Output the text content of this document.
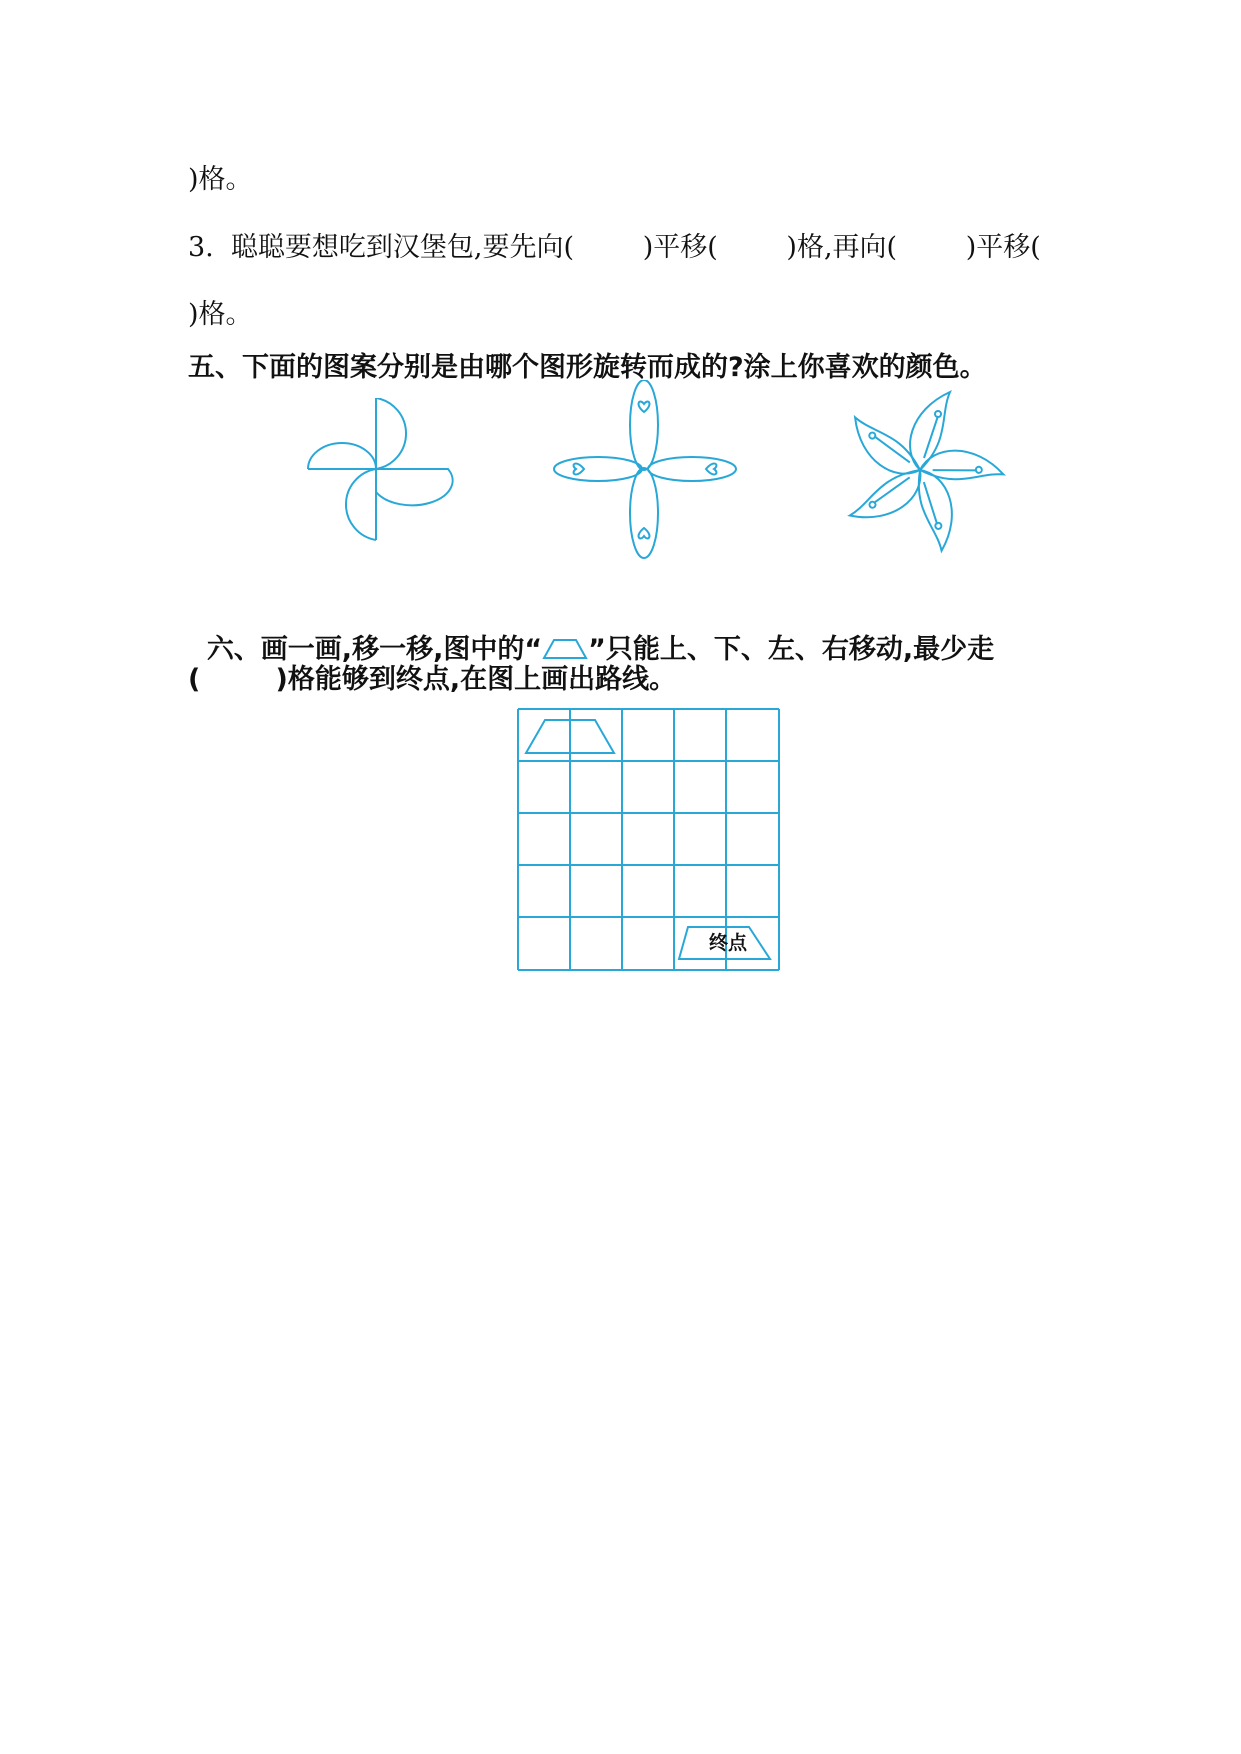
)格。
3.  聪聪要想吃到汉堡包,要先向(        )平移(        )格,再向(        )平移(
)格。
五、下面的图案分别是由哪个图形旋转而成的?涂上你喜欢的颜色。

六、画一画,移一移,图中的“ ”只能上、下、左、右移动,最少走

(        )格能够到终点,在图上画出路线。
终点
